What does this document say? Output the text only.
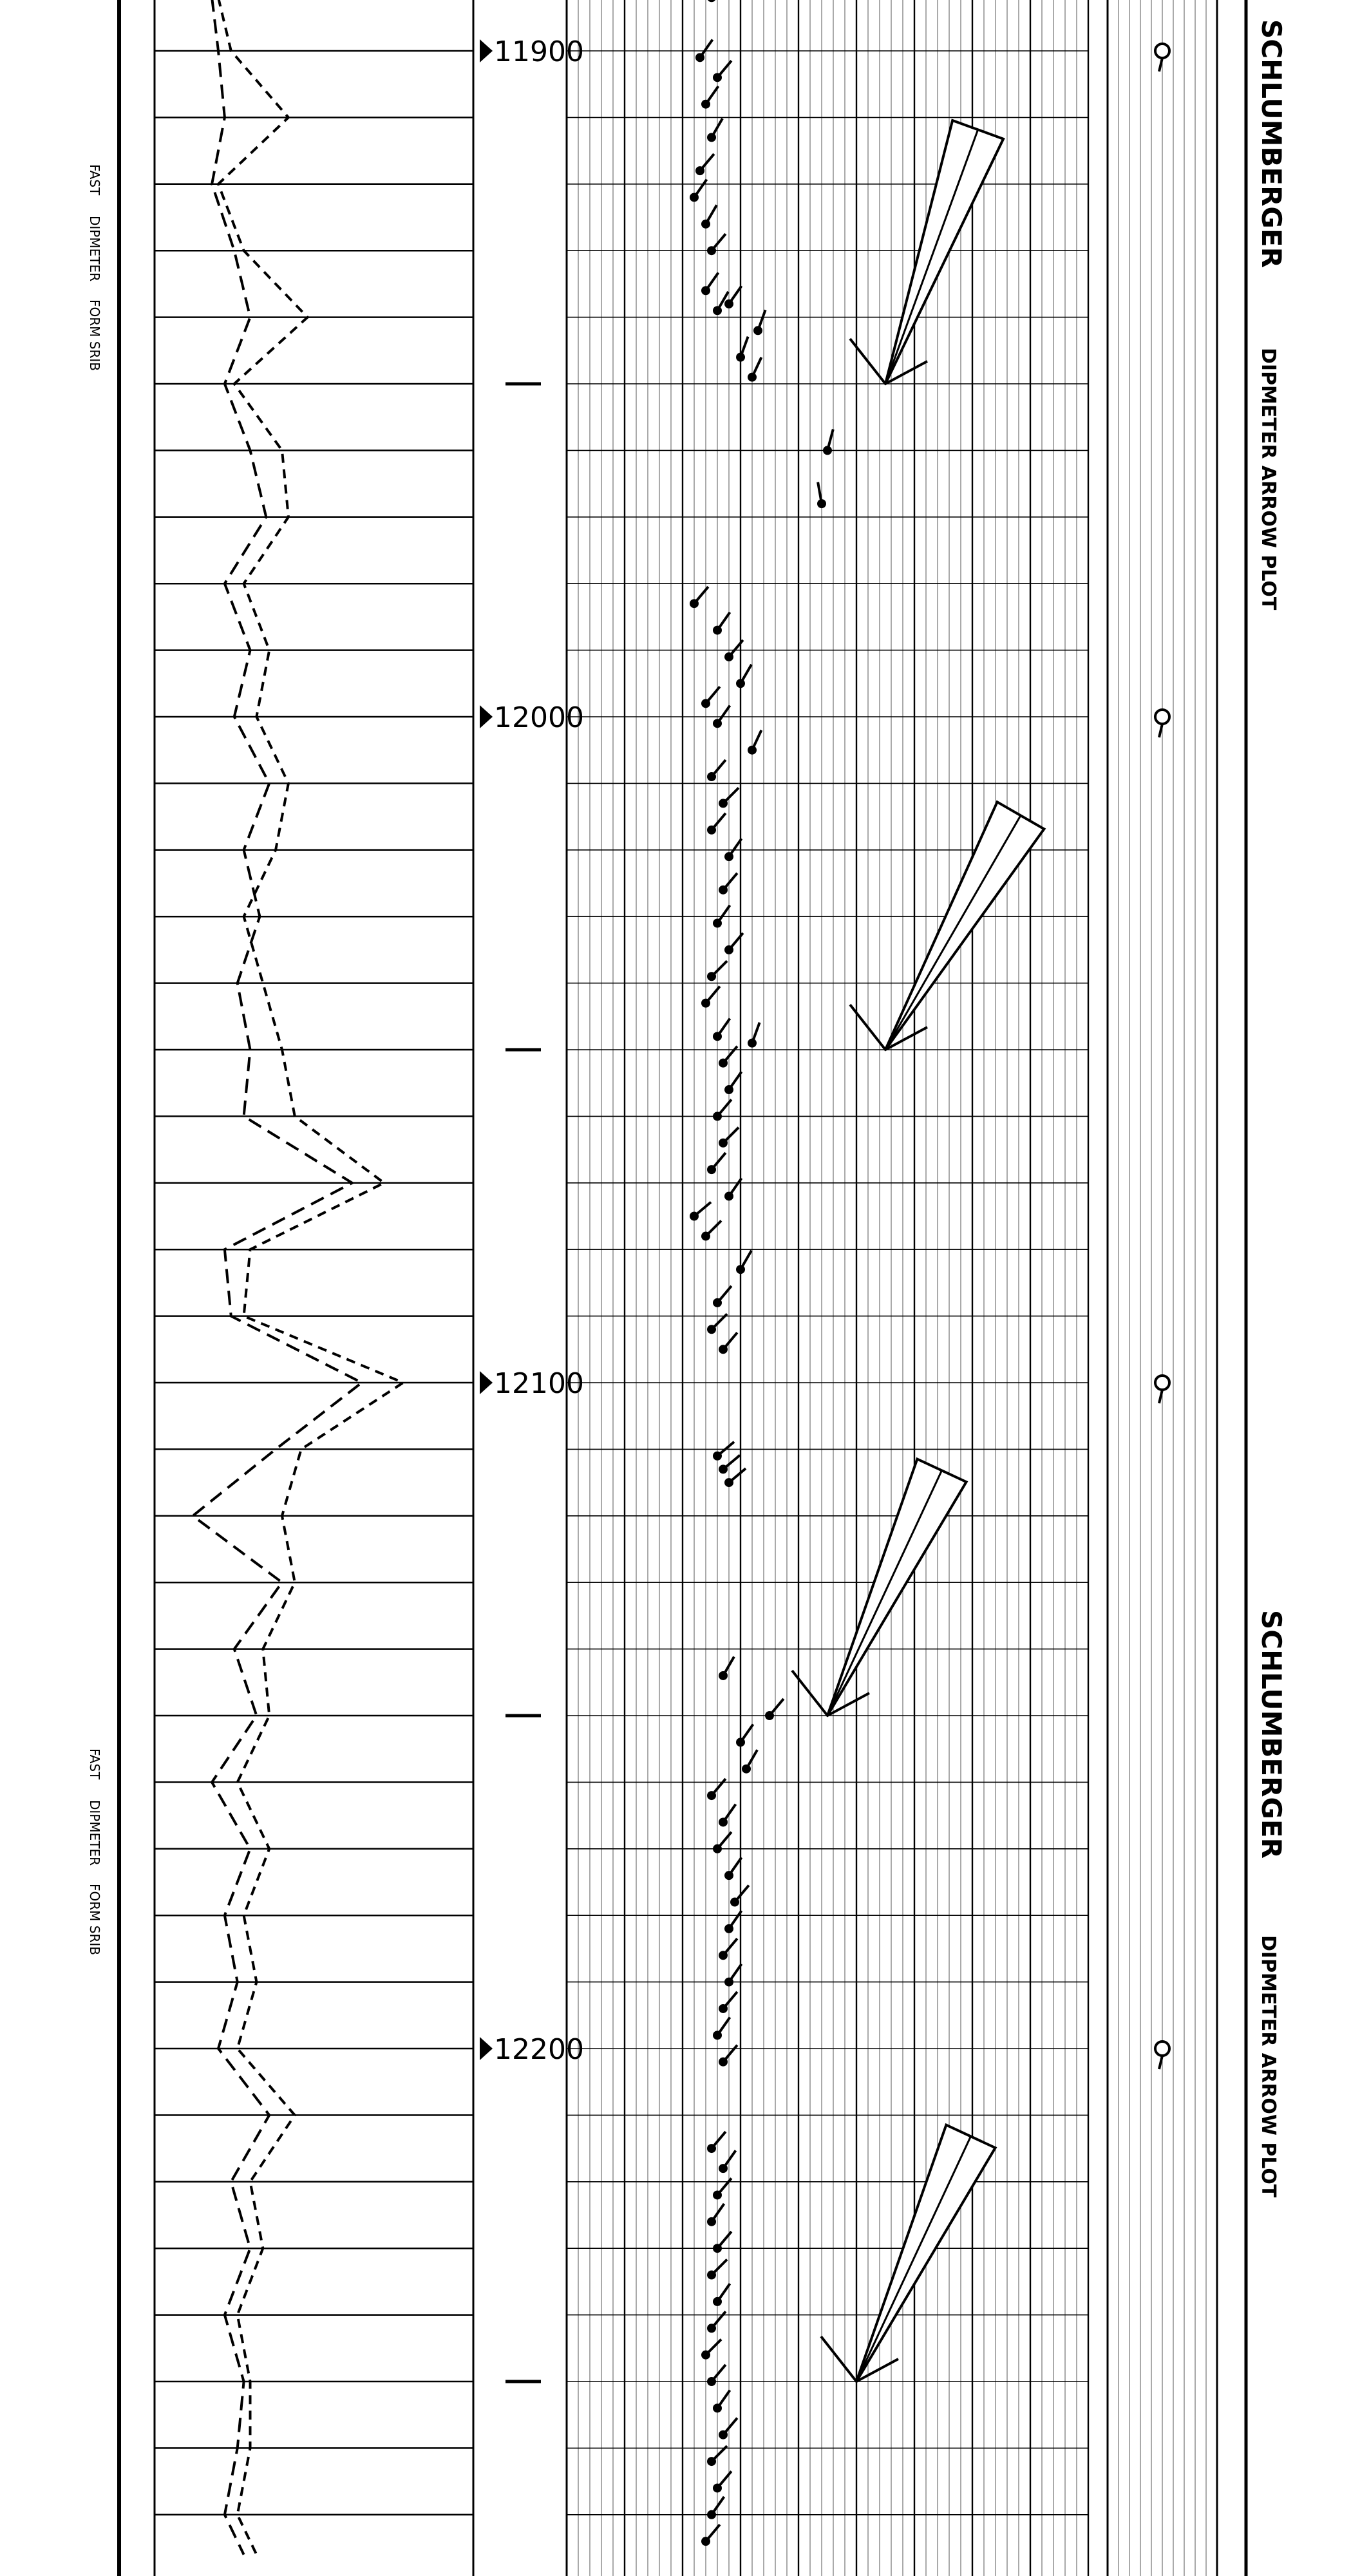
11900
12000
12100
12200
SCHLUMBERGER
DIPMETER ARROW PLOT
SCHLUMBERGER
DIPMETER ARROW PLOT
FAST
DIPMETER
FORM SRIB
FAST
DIPMETER
FORM SRIB
